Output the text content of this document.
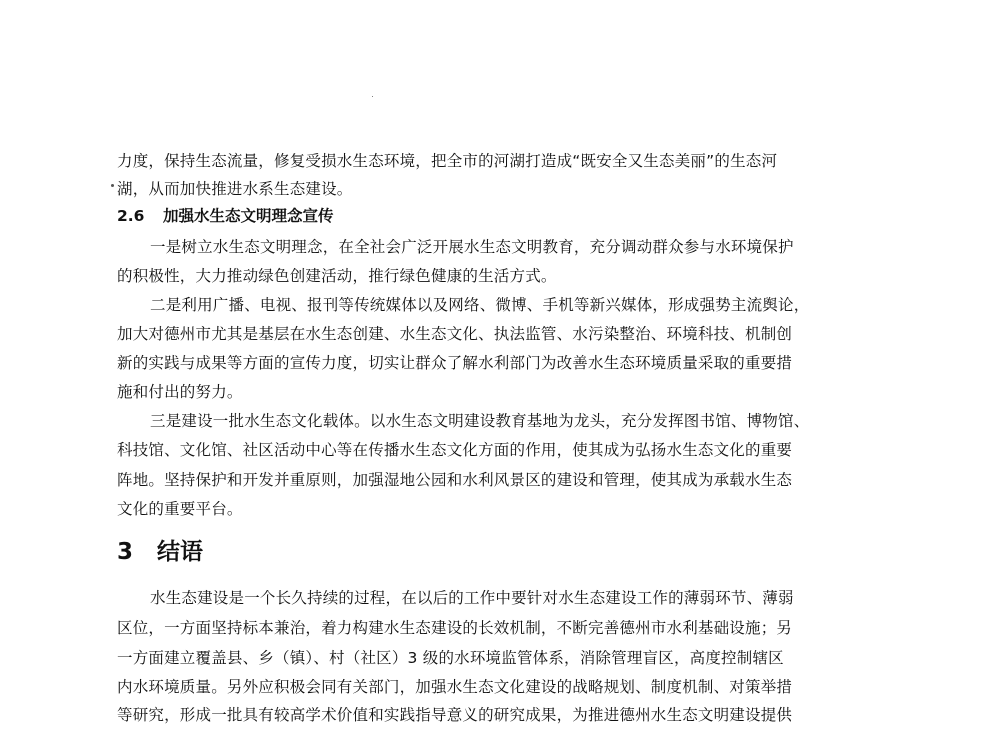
力度，保持生态流量，修复受损水生态环境，把全市的河湖打造成“既安全又生态美丽”的生态河
湖，从而加快推进水系生态建设。
2.6 加强水生态文明理念宣传
一是树立水生态文明理念，在全社会广泛开展水生态文明教育，充分调动群众参与水环境保护
的积极性，大力推动绿色创建活动，推行绿色健康的生活方式。
二是利用广播、电视、报刊等传统媒体以及网络、微博、手机等新兴媒体，形成强势主流舆论，
加大对德州市尤其是基层在水生态创建、水生态文化、执法监管、水污染整治、环境科技、机制创
新的实践与成果等方面的宣传力度，切实让群众了解水利部门为改善水生态环境质量采取的重要措
施和付出的努力。
三是建设一批水生态文化载体。以水生态文明建设教育基地为龙头，充分发挥图书馆、博物馆、
科技馆、文化馆、社区活动中心等在传播水生态文化方面的作用，使其成为弘扬水生态文化的重要
阵地。坚持保护和开发并重原则，加强湿地公园和水利风景区的建设和管理，使其成为承载水生态
文化的重要平台。
3 结语
水生态建设是一个长久持续的过程，在以后的工作中要针对水生态建设工作的薄弱环节、薄弱
区位，一方面坚持标本兼治，着力构建水生态建设的长效机制，不断完善德州市水利基础设施；另
一方面建立覆盖县、乡（镇）、村（社区）3 级的水环境监管体系，消除管理盲区，高度控制辖区
内水环境质量。另外应积极会同有关部门，加强水生态文化建设的战略规划、制度机制、对策举措
等研究，形成一批具有较高学术价值和实践指导意义的研究成果，为推进德州水生态文明建设提供
